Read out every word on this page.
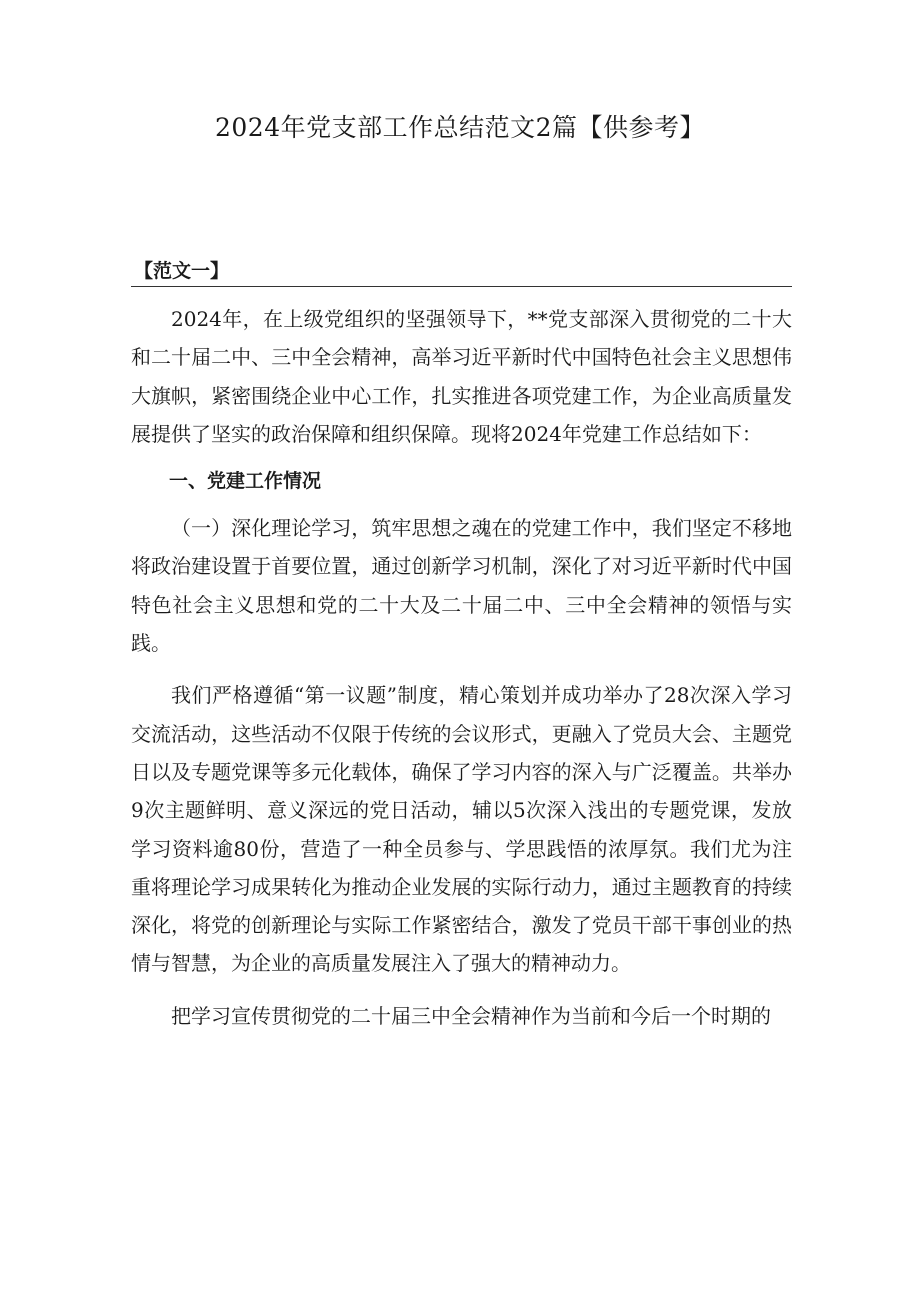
2024年党支部工作总结范文2篇【供参考】
【范文一】

2024年，在上级党组织的坚强领导下，**党支部深入贯彻党的二十大和二十届二中、三中全会精神，高举习近平新时代中国特色社会主义思想伟大旗帜，紧密围绕企业中心工作，扎实推进各项党建工作，为企业高质量发展提供了坚实的政治保障和组织保障。现将2024年党建工作总结如下：

一、党建工作情况

（一）深化理论学习，筑牢思想之魂在的党建工作中，我们坚定不移地将政治建设置于首要位置，通过创新学习机制，深化了对习近平新时代中国特色社会主义思想和党的二十大及二十届二中、三中全会精神的领悟与实践。

我们严格遵循“第一议题”制度，精心策划并成功举办了28次深入学习交流活动，这些活动不仅限于传统的会议形式，更融入了党员大会、主题党日以及专题党课等多元化载体，确保了学习内容的深入与广泛覆盖。共举办9次主题鲜明、意义深远的党日活动，辅以5次深入浅出的专题党课，发放学习资料逾80份，营造了一种全员参与、学思践悟的浓厚氛。我们尤为注重将理论学习成果转化为推动企业发展的实际行动力，通过主题教育的持续深化，将党的创新理论与实际工作紧密结合，激发了党员干部干事创业的热情与智慧，为企业的高质量发展注入了强大的精神动力。

把学习宣传贯彻党的二十届三中全会精神作为当前和今后一个时期的
